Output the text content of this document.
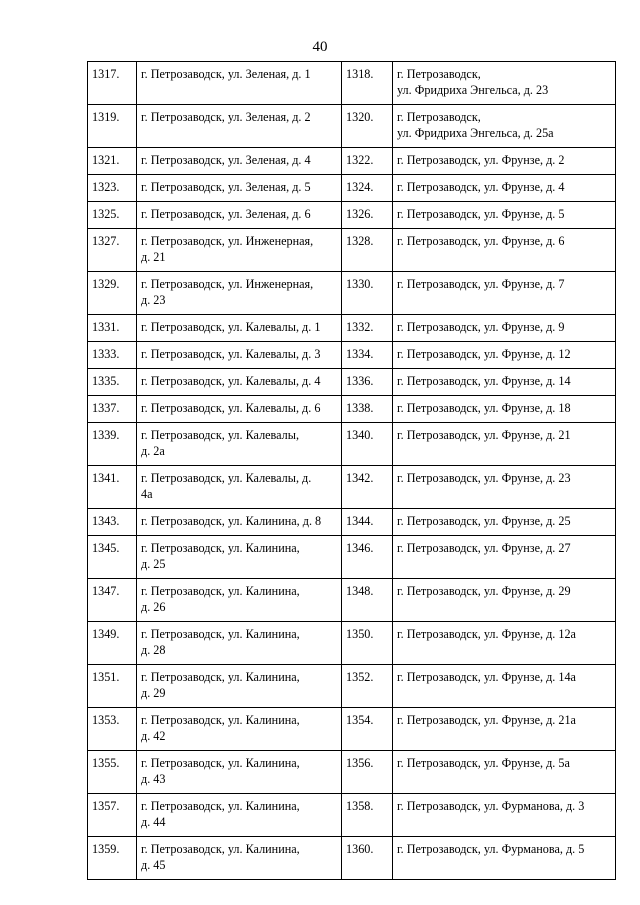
40
1317.	г. Петрозаводск, ул. Зеленая, д. 1	1318.	г. Петрозаводск,
ул. Фридриха Энгельса, д. 23
1319.	г. Петрозаводск, ул. Зеленая, д. 2	1320.	г. Петрозаводск,
ул. Фридриха Энгельса, д. 25а
1321.	г. Петрозаводск, ул. Зеленая, д. 4	1322.	г. Петрозаводск, ул. Фрунзе, д. 2
1323.	г. Петрозаводск, ул. Зеленая, д. 5	1324.	г. Петрозаводск, ул. Фрунзе, д. 4
1325.	г. Петрозаводск, ул. Зеленая, д. 6	1326.	г. Петрозаводск, ул. Фрунзе, д. 5
1327.	г. Петрозаводск, ул. Инженерная,
д. 21	1328.	г. Петрозаводск, ул. Фрунзе, д. 6
1329.	г. Петрозаводск, ул. Инженерная,
д. 23	1330.	г. Петрозаводск, ул. Фрунзе, д. 7
1331.	г. Петрозаводск, ул. Калевалы, д. 1	1332.	г. Петрозаводск, ул. Фрунзе, д. 9
1333.	г. Петрозаводск, ул. Калевалы, д. 3	1334.	г. Петрозаводск, ул. Фрунзе, д. 12
1335.	г. Петрозаводск, ул. Калевалы, д. 4	1336.	г. Петрозаводск, ул. Фрунзе, д. 14
1337.	г. Петрозаводск, ул. Калевалы, д. 6	1338.	г. Петрозаводск, ул. Фрунзе, д. 18
1339.	г. Петрозаводск, ул. Калевалы,
д. 2а	1340.	г. Петрозаводск, ул. Фрунзе, д. 21
1341.	г. Петрозаводск, ул. Калевалы, д.
4а	1342.	г. Петрозаводск, ул. Фрунзе, д. 23
1343.	г. Петрозаводск, ул. Калинина, д. 8	1344.	г. Петрозаводск, ул. Фрунзе, д. 25
1345.	г. Петрозаводск, ул. Калинина,
д. 25	1346.	г. Петрозаводск, ул. Фрунзе, д. 27
1347.	г. Петрозаводск, ул. Калинина,
д. 26	1348.	г. Петрозаводск, ул. Фрунзе, д. 29
1349.	г. Петрозаводск, ул. Калинина,
д. 28	1350.	г. Петрозаводск, ул. Фрунзе, д. 12а
1351.	г. Петрозаводск, ул. Калинина,
д. 29	1352.	г. Петрозаводск, ул. Фрунзе, д. 14а
1353.	г. Петрозаводск, ул. Калинина,
д. 42	1354.	г. Петрозаводск, ул. Фрунзе, д. 21а
1355.	г. Петрозаводск, ул. Калинина,
д. 43	1356.	г. Петрозаводск, ул. Фрунзе, д. 5а
1357.	г. Петрозаводск, ул. Калинина,
д. 44	1358.	г. Петрозаводск, ул. Фурманова, д. 3
1359.	г. Петрозаводск, ул. Калинина,
д. 45	1360.	г. Петрозаводск, ул. Фурманова, д. 5
